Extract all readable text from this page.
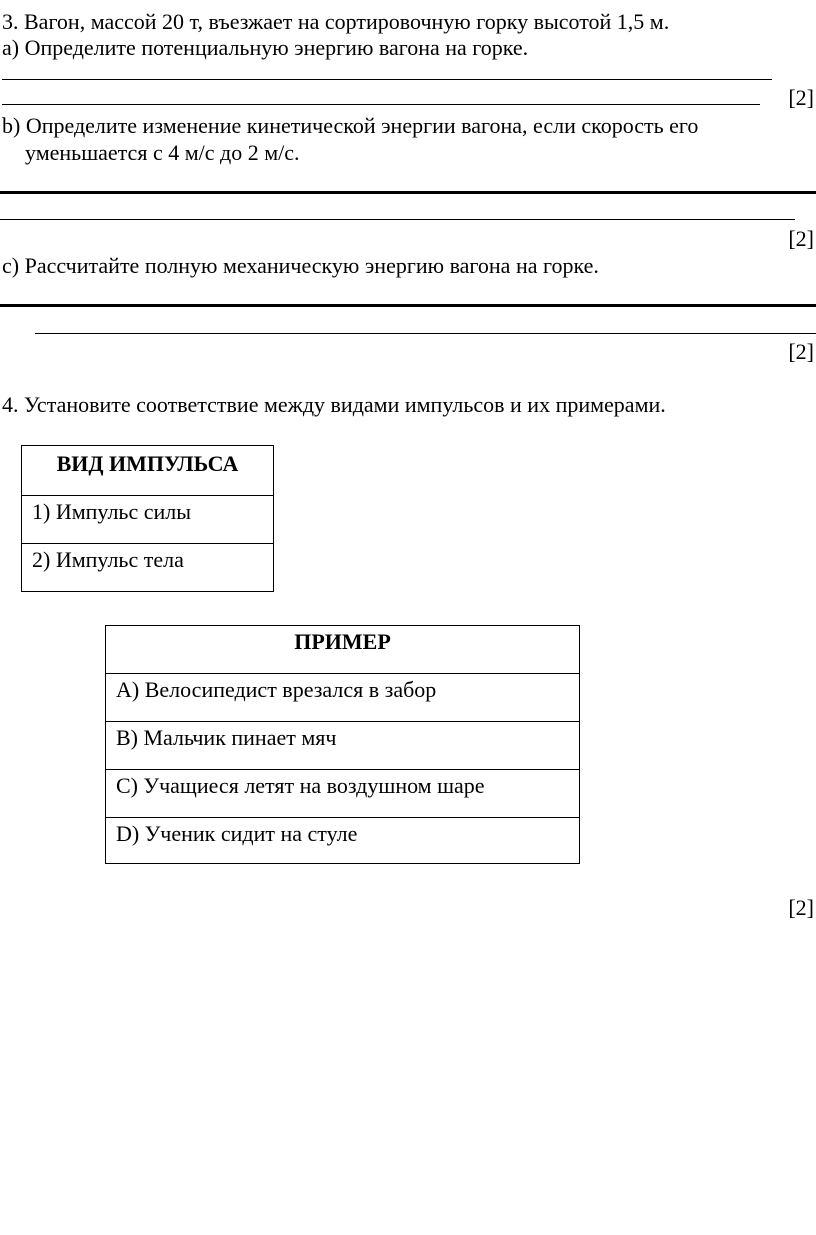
3. Вагон, массой 20 т, въезжает на сортировочную горку высотой 1,5 м.
а) Определите потенциальную энергию вагона на горке.
[2]
b) Определите изменение кинетической энергии вагона, если скорость его
уменьшается с 4 м/с до 2 м/с.
[2]
с) Рассчитайте полную механическую энергию вагона на горке.
[2]
4. Установите соответствие между видами импульсов и их примерами.
ВИД ИМПУЛЬСА
1) Импульс силы
2) Импульс тела
ПРИМЕР
A) Велосипедист врезался в забор
B) Мальчик пинает мяч
C) Учащиеся летят на воздушном шаре
D) Ученик сидит на стуле
[2]
